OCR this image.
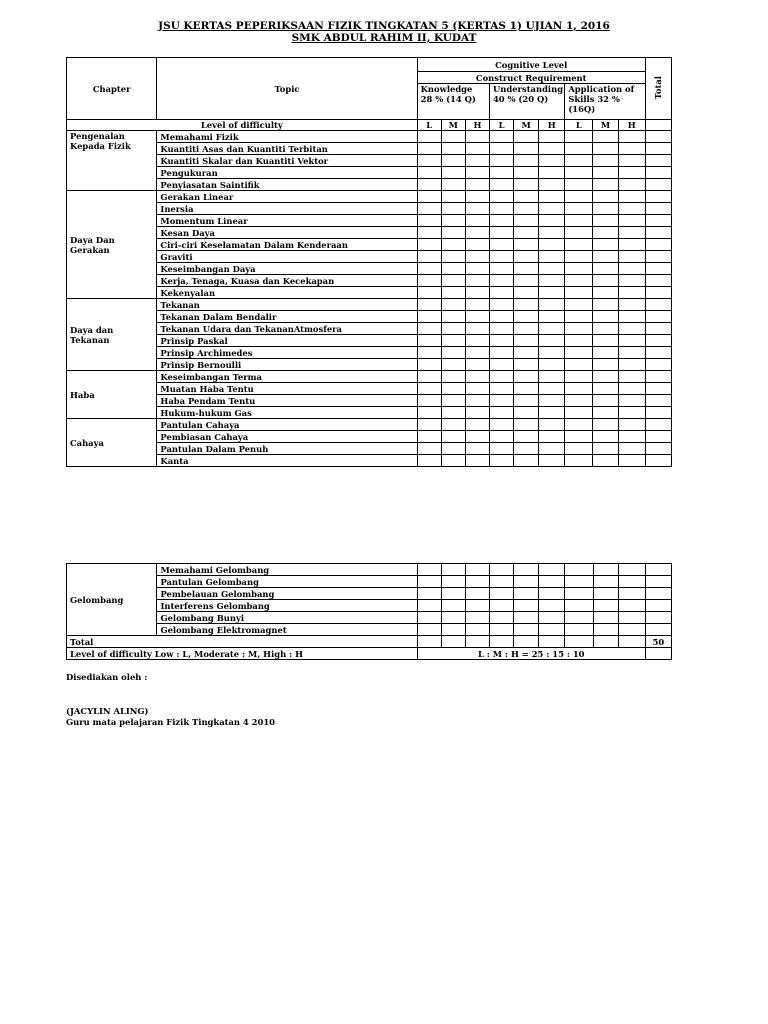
JSU KERTAS PEPERIKSAAN FIZIK TINGKATAN 5 (KERTAS 1) UJIAN 1, 2016
SMK ABDUL RAHIM II, KUDAT
Chapter	Topic	Cognitive Level									Total
		Construct Requirement									
		Knowledge 28 % (14 Q)			Understanding 40 % (20 Q)			Application of Skills 32 % (16Q)			
Level of difficulty		L	M	H	L	M	H	L	M	H	
Pengenalan Kepada Fizik	Memahami Fizik										
	Kuantiti Asas dan Kuantiti Terbitan										
	Kuantiti Skalar dan Kuantiti Vektor										
	Pengukuran										
	Penyiasatan Saintifik										
Daya Dan Gerakan	Gerakan Linear										
	Inersia										
	Momentum Linear										
	Kesan Daya										
	Ciri-ciri Keselamatan Dalam Kenderaan										
	Graviti										
	Keseimbangan Daya										
	Kerja, Tenaga, Kuasa dan Kecekapan										
	Kekenyalan										
Daya dan Tekanan	Tekanan										
	Tekanan Dalam Bendalir										
	Tekanan Udara dan TekananAtmosfera										
	Prinsip Paskal										
	Prinsip Archimedes										
	Prinsip Bernoulli										
Haba	Keseimbangan Terma										
	Muatan Haba Tentu										
	Haba Pendam Tentu										
	Hukum-hukum Gas										
Cahaya	Pantulan Cahaya										
	Pembiasan Cahaya										
	Pantulan Dalam Penuh										
	Kanta										
Gelombang	Memahami Gelombang										
	Pantulan Gelombang										
	Pembelauan Gelombang										
	Interferens Gelombang										
	Gelombang Bunyi										
	Gelombang Elektromagnet										
Total											50
Level of difficulty Low : L, Moderate : M, High : H		L : M : H = 25 : 15 : 10									
Disediakan oleh :
(JACYLIN ALING)
Guru mata pelajaran Fizik Tingkatan 4 2010
